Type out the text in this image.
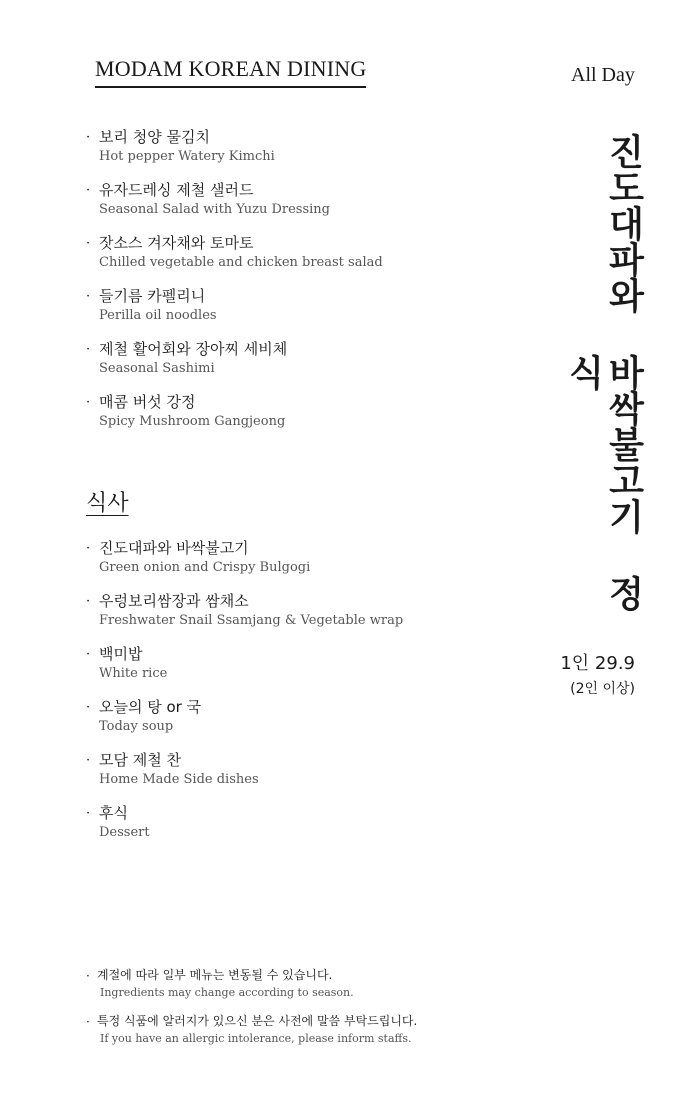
MODAM KOREAN DINING	All Day
진도대파와 바싹불고기 정식
· 보리 청양 물김치
Hot pepper Watery Kimchi
· 유자드레싱 제철 샐러드
Seasonal Salad with Yuzu Dressing
· 잣소스 겨자채와 토마토
Chilled vegetable and chicken breast salad
· 들기름 카펠리니
Perilla oil noodles
· 제철 활어회와 장아찌 세비체
Seasonal Sashimi
· 매콤 버섯 강정
Spicy Mushroom Gangjeong
식사
· 진도대파와 바싹불고기
Green onion and Crispy Bulgogi
· 우렁보리쌈장과 쌈채소
Freshwater Snail Ssamjang & Vegetable wrap
· 백미밥
White rice
· 오늘의 탕 or 국
Today soup
· 모담 제철 찬
Home Made Side dishes
· 후식
Dessert
1인 29.9
(2인 이상)
· 계절에 따라 일부 메뉴는 변동될 수 있습니다.
Ingredients may change according to season.
· 특정 식품에 알러지가 있으신 분은 사전에 말씀 부탁드립니다.
If you have an allergic intolerance, please inform staffs.
